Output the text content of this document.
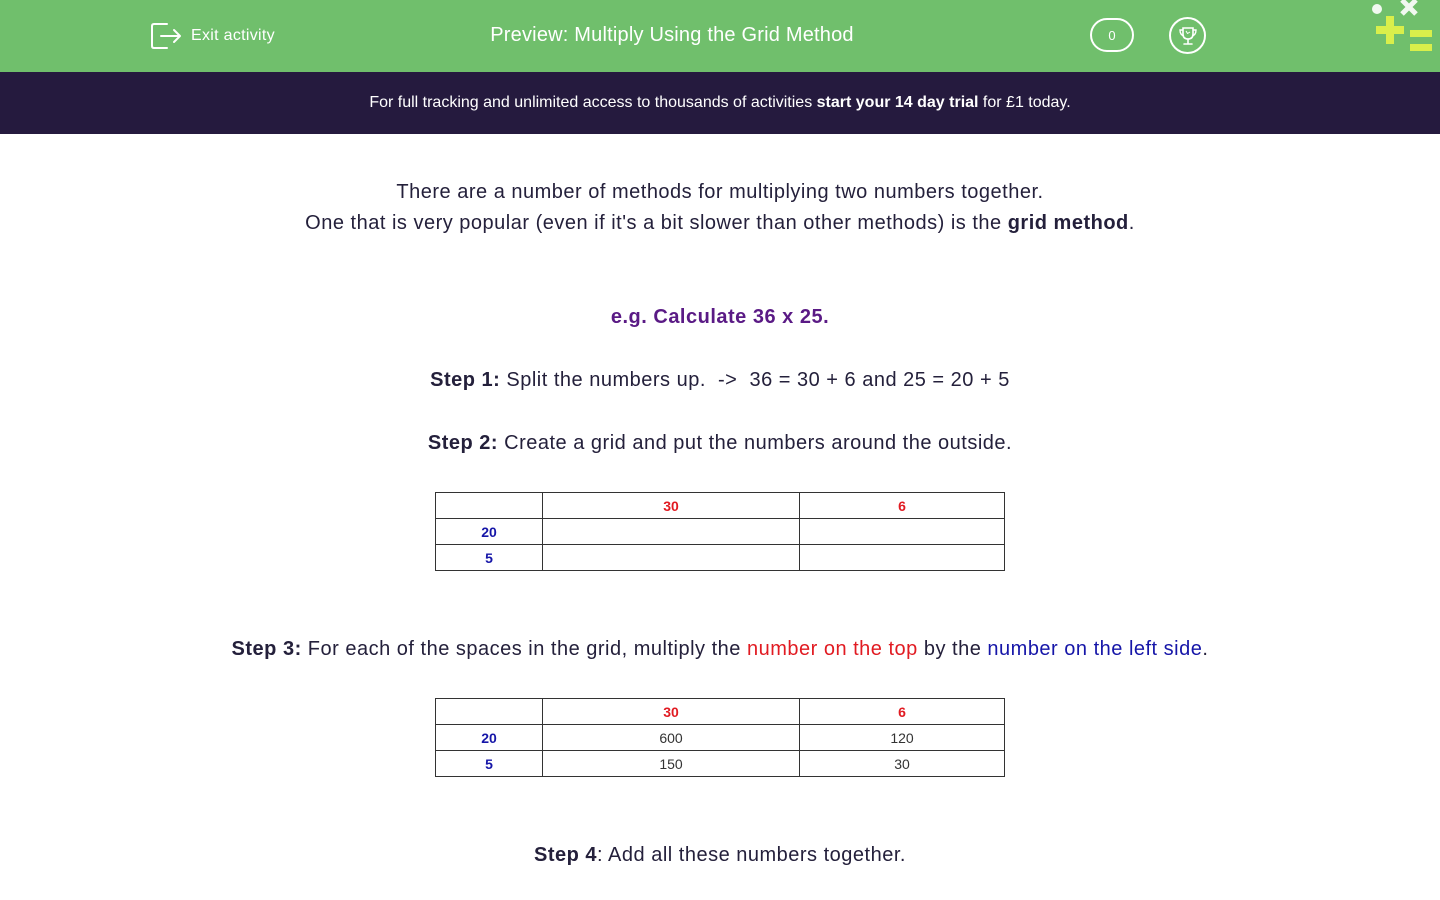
Exit activity	Preview: Multiply Using the Grid Method	0
For full tracking and unlimited access to thousands of activities start your 14 day trial for £1 today.
There are a number of methods for multiplying two numbers together.
One that is very popular (even if it's a bit slower than other methods) is the grid method.
e.g. Calculate 36 x 25.
Step 1: Split the numbers up.  ->  36 = 30 + 6 and 25 = 20 + 5
Step 2: Create a grid and put the numbers around the outside.
	30	6
20		
5		
Step 3: For each of the spaces in the grid, multiply the number on the top by the number on the left side.
	30	6
20	600	120
5	150	30
Step 4: Add all these numbers together.
